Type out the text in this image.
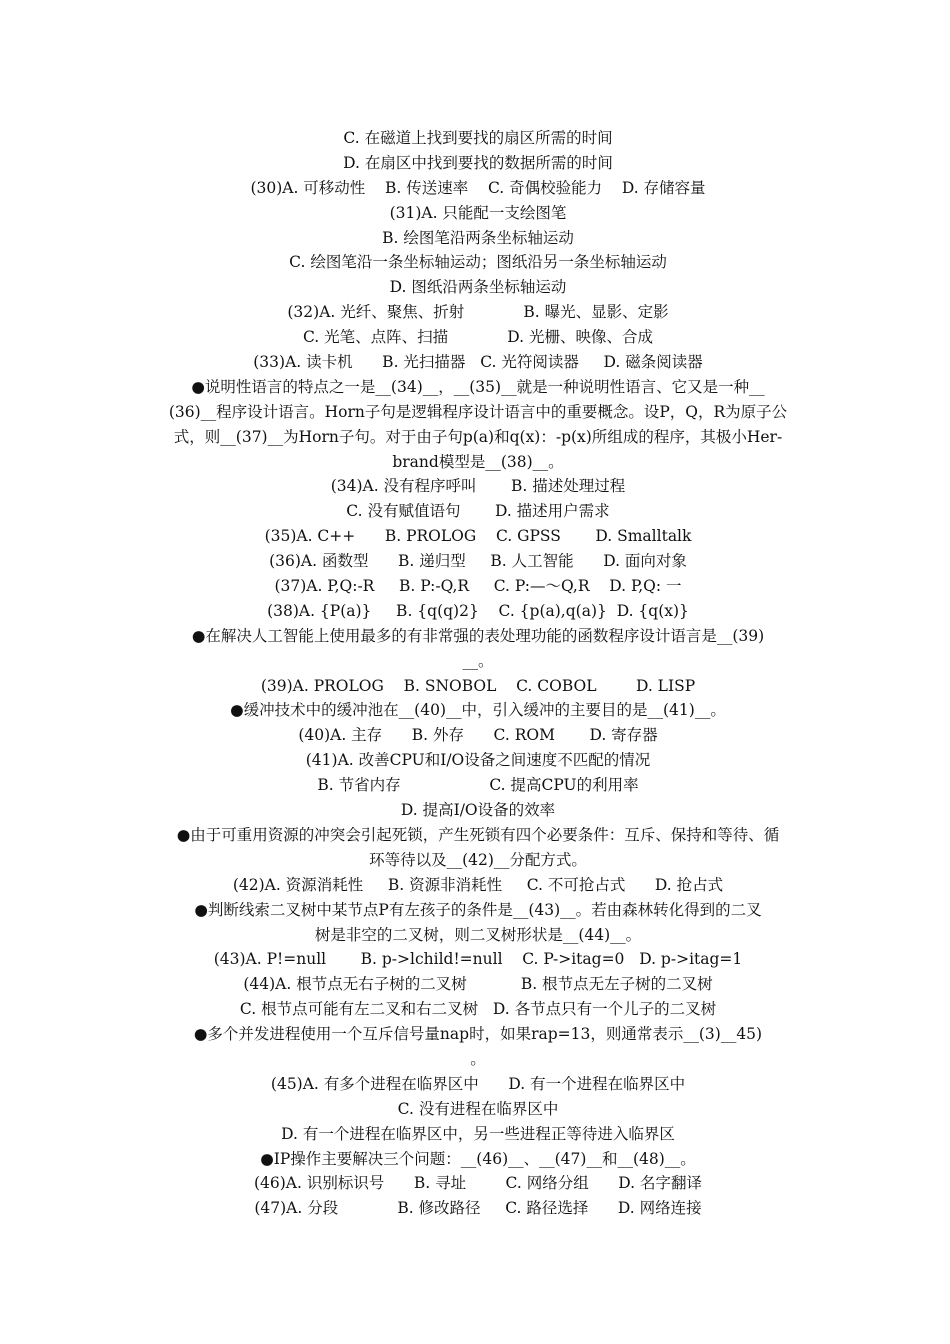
C. 在磁道上找到要找的扇区所需的时间
D. 在扇区中找到要找的数据所需的时间
(30)A. 可移动性    B. 传送速率    C. 奇偶校验能力    D. 存储容量
(31)A. 只能配一支绘图笔
B. 绘图笔沿两条坐标轴运动
C. 绘图笔沿一条坐标轴运动；图纸沿另一条坐标轴运动
D. 图纸沿两条坐标轴运动
(32)A. 光纤、聚焦、折射            B. 曝光、显影、定影
C. 光笔、点阵、扫描            D. 光栅、映像、合成
(33)A. 读卡机      B. 光扫描器   C. 光符阅读器     D. 磁条阅读器
●说明性语言的特点之一是__(34)__，__(35)__就是一种说明性语言、它又是一种__
(36)__程序设计语言。Horn子句是逻辑程序设计语言中的重要概念。设P，Q，R为原子公
式，则__(37)__为Horn子句。对于由子句p(a)和q(x)：-p(x)所组成的程序，其极小Her-
brand模型是__(38)__。
(34)A. 没有程序呼叫       B. 描述处理过程
C. 没有赋值语句       D. 描述用户需求
(35)A. C++      B. PROLOG    C. GPSS       D. Smalltalk
(36)A. 函数型      B. 递归型     B. 人工智能      D. 面向对象
(37)A. P,Q:-R     B. P:-Q,R     C. P:—～Q,R    D. P,Q: 一
(38)A. {P(a)}     B. {q(q)2}    C. {p(a),q(a)}  D. {q(x)}
●在解决人工智能上使用最多的有非常强的表处理功能的函数程序设计语言是__(39)
__。
(39)A. PROLOG    B. SNOBOL    C. COBOL        D. LISP
●缓冲技术中的缓冲池在__(40)__中，引入缓冲的主要目的是__(41)__。
(40)A. 主存      B. 外存      C. ROM       D. 寄存器
(41)A. 改善CPU和I/O设备之间速度不匹配的情况
B. 节省内存                  C. 提高CPU的利用率
D. 提高I/O设备的效率
●由于可重用资源的冲突会引起死锁，产生死锁有四个必要条件：互斥、保持和等待、循
环等待以及__(42)__分配方式。
(42)A. 资源消耗性     B. 资源非消耗性     C. 不可抢占式      D. 抢占式
●判断线索二叉树中某节点P有左孩子的条件是__(43)__。若由森林转化得到的二叉
树是非空的二叉树，则二叉树形状是__(44)__。
(43)A. P!=null       B. p->lchild!=null    C. P->itag=0   D. p->itag=1
(44)A. 根节点无右子树的二叉树           B. 根节点无左子树的二叉树
C. 根节点可能有左二叉和右二叉树   D. 各节点只有一个儿子的二叉树
●多个并发进程使用一个互斥信号量nap时，如果rap=13，则通常表示__(3)__45)
。
(45)A. 有多个进程在临界区中      D. 有一个进程在临界区中
C. 没有进程在临界区中
D. 有一个进程在临界区中，另一些进程正等待进入临界区
●IP操作主要解决三个问题：__(46)__、__(47)__和__(48)__。
(46)A. 识别标识号      B. 寻址        C. 网络分组      D. 名字翻译
(47)A. 分段            B. 修改路径     C. 路径选择      D. 网络连接
